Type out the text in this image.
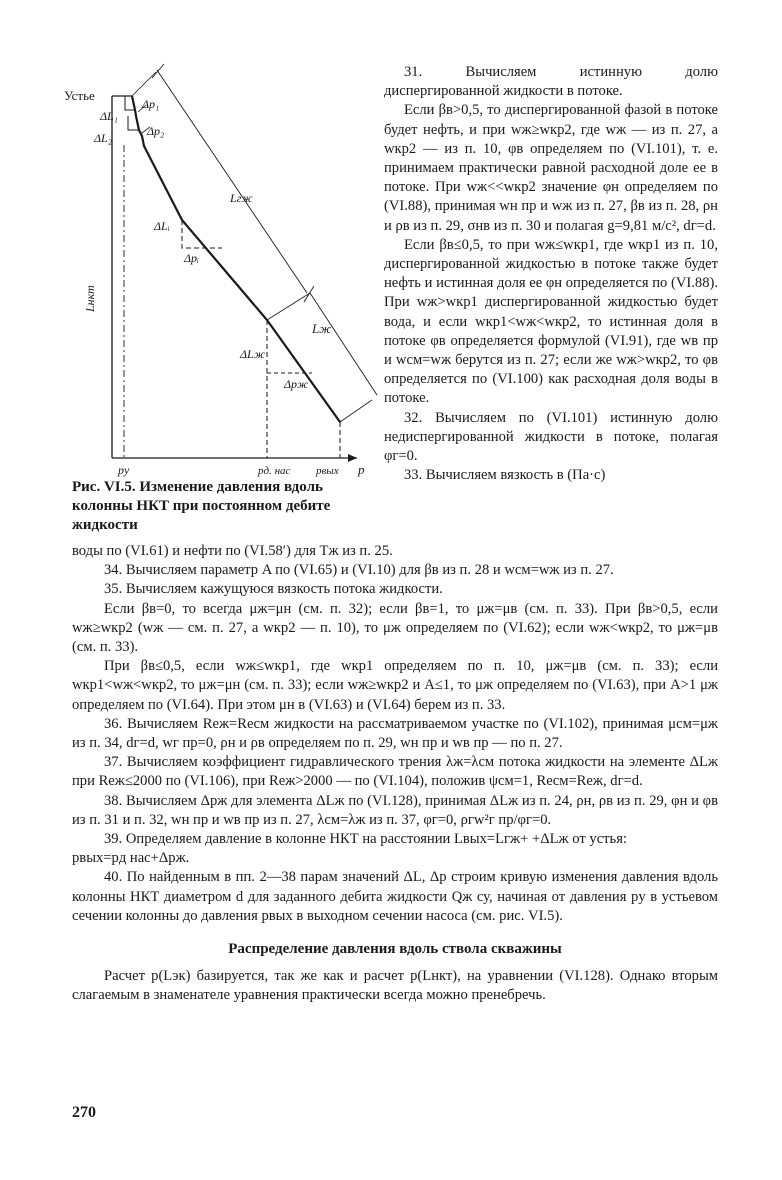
Устье
ΔL₁
Δp₁
ΔL₂	Δp₂
Lгж
ΔLᵢ
Δpᵢ
Lнкт
Lж
ΔLж
Δpж
pу	pд. нас pвых p
Рис. VI.5. Изменение давления вдоль колонны НКТ при постоянном дебите жидкости

31. Вычисляем истинную долю диспергированной жидкости в потоке.

Если βв>0,5, то диспергированной фазой в потоке будет нефть, и при wж≥wкр2, где wж — из п. 27, а wкр2 — из п. 10, φв определяем по (VI.101), т. е. принимаем практически равной расходной доле ее в потоке. При wж<<wкр2 значение φн определяем по (VI.88), принимая wн пр и wж из п. 27, βв из п. 28, ρн и ρв из п. 29, σнв из п. 30 и полагая g=9,81 м/с², dг=d.

Если βв≤0,5, то при wж≤wкр1, где wкр1 из п. 10, диспергированной жидкостью в потоке также будет нефть и истинная доля ее φн определяется по (VI.88). При wж>wкр1 диспергированной жидкостью будет вода, и если wкр1<wж<wкр2, то истинная доля в потоке φв определяется формулой (VI.91), где wв пр и wсм=wж берутся из п. 27; если же wж>wкр2, то φв определяется по (VI.100) как расходная доля воды в потоке.

32. Вычисляем по (VI.101) истинную долю недиспергированной жидкости в потоке, полагая φг=0.

33. Вычисляем вязкость в (Па·с)

воды по (VI.61) и нефти по (VI.58′) для Tж из п. 25.

34. Вычисляем параметр A по (VI.65) и (VI.10) для βв из п. 28 и wсм=wж из п. 27.

35. Вычисляем кажущуюся вязкость потока жидкости.

Если βв=0, то всегда μж=μн (см. п. 32); если βв=1, то μж=μв (см. п. 33). При βв>0,5, если wж≥wкр2 (wж — см. п. 27, а wкр2 — п. 10), то μж определяем по (VI.62); если wж<wкр2, то μж=μв (см. п. 33).

При βв≤0,5, если wж≤wкр1, где wкр1 определяем по п. 10, μж=μв (см. п. 33); если wкр1<wж<wкр2, то μж=μн (см. п. 33); если wж≥wкр2 и A≤1, то μж определяем по (VI.63), при A>1 μж определяем по (VI.64). При этом μн в (VI.63) и (VI.64) берем из п. 33.

36. Вычисляем Reж=Reсм жидкости на рассматриваемом участке по (VI.102), принимая μсм=μж из п. 34, dг=d, wг пр=0, ρн и ρв определяем по п. 29, wн пр и wв пр — по п. 27.

37. Вычисляем коэффициент гидравлического трения λж=λсм потока жидкости на элементе ΔLж при Reж≤2000 по (VI.106), при Reж>2000 — по (VI.104), положив ψсм=1, Reсм=Reж, dг=d.

38. Вычисляем Δpж для элемента ΔLж по (VI.128), принимая ΔLж из п. 24, ρн, ρв из п. 29, φн и φв из п. 31 и п. 32, wн пр и wв пр из п. 27, λсм=λж из п. 37, φг=0, ρгw²г пр/φг=0.

39. Определяем давление в колонне НКТ на расстоянии Lвых=Lгж+ +ΔLж от устья:

pвых=pд нас+Δpж.

40. По найденным в пп. 2—38 парам значений ΔL, Δp строим кривую изменения давления вдоль колонны НКТ диаметром d для заданного дебита жидкости Qж су, начиная от давления pу в устьевом сечении колонны до давления pвых в выходном сечении насоса (см. рис. VI.5).

Распределение давления вдоль ствола скважины

Расчет p(Lэк) базируется, так же как и расчет p(Lнкт), на уравнении (VI.128). Однако вторым слагаемым в знаменателе уравнения практически всегда можно пренебречь.

270
